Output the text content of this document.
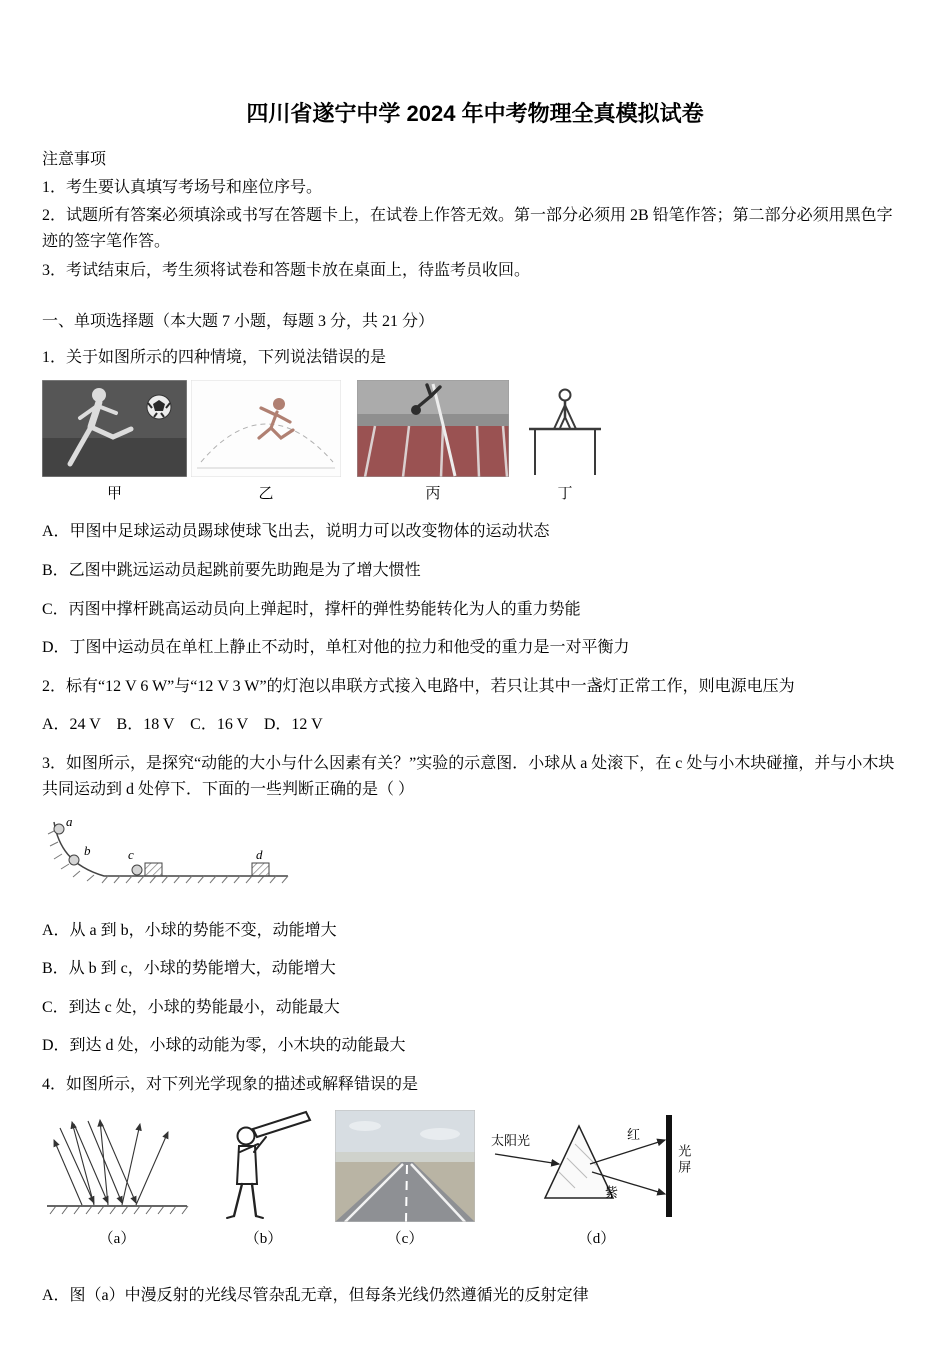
四川省遂宁中学 2024 年中考物理全真模拟试卷
注意事项

1．考生要认真填写考场号和座位序号。

2．试题所有答案必须填涂或书写在答题卡上，在试卷上作答无效。第一部分必须用 2B 铅笔作答；第二部分必须用黑色字迹的签字笔作答。

3．考试结束后，考生须将试卷和答题卡放在桌面上，待监考员收回。

一、单项选择题（本大题 7 小题，每题 3 分，共 21 分）

1．关于如图所示的四种情境，下列说法错误的是

甲	乙	丙	丁

A．甲图中足球运动员踢球使球飞出去，说明力可以改变物体的运动状态

B．乙图中跳远运动员起跳前要先助跑是为了增大惯性

C．丙图中撑杆跳高运动员向上弹起时，撑杆的弹性势能转化为人的重力势能

D．丁图中运动员在单杠上静止不动时，单杠对他的拉力和他受的重力是一对平衡力

2．标有“12 V 6 W”与“12 V 3 W”的灯泡以串联方式接入电路中，若只让其中一盏灯正常工作，则电源电压为

A．24 V　B．18 V　C．16 V　D．12 V

3．如图所示，是探究“动能的大小与什么因素有关？”实验的示意图．小球从 a 处滚下，在 c 处与小木块碰撞，并与小木块共同运动到 d 处停下．下面的一些判断正确的是（ ）

a
b	c	d

A．从 a 到 b，小球的势能不变，动能增大

B．从 b 到 c，小球的势能增大，动能增大

C．到达 c 处，小球的势能最小，动能最大

D．到达 d 处，小球的动能为零，小木块的动能最大

4．如图所示，对下列光学现象的描述或解释错误的是

（a）	（b）	（c）
太阳光	红
紫
光屏
（d）

A．图（a）中漫反射的光线尽管杂乱无章，但每条光线仍然遵循光的反射定律
